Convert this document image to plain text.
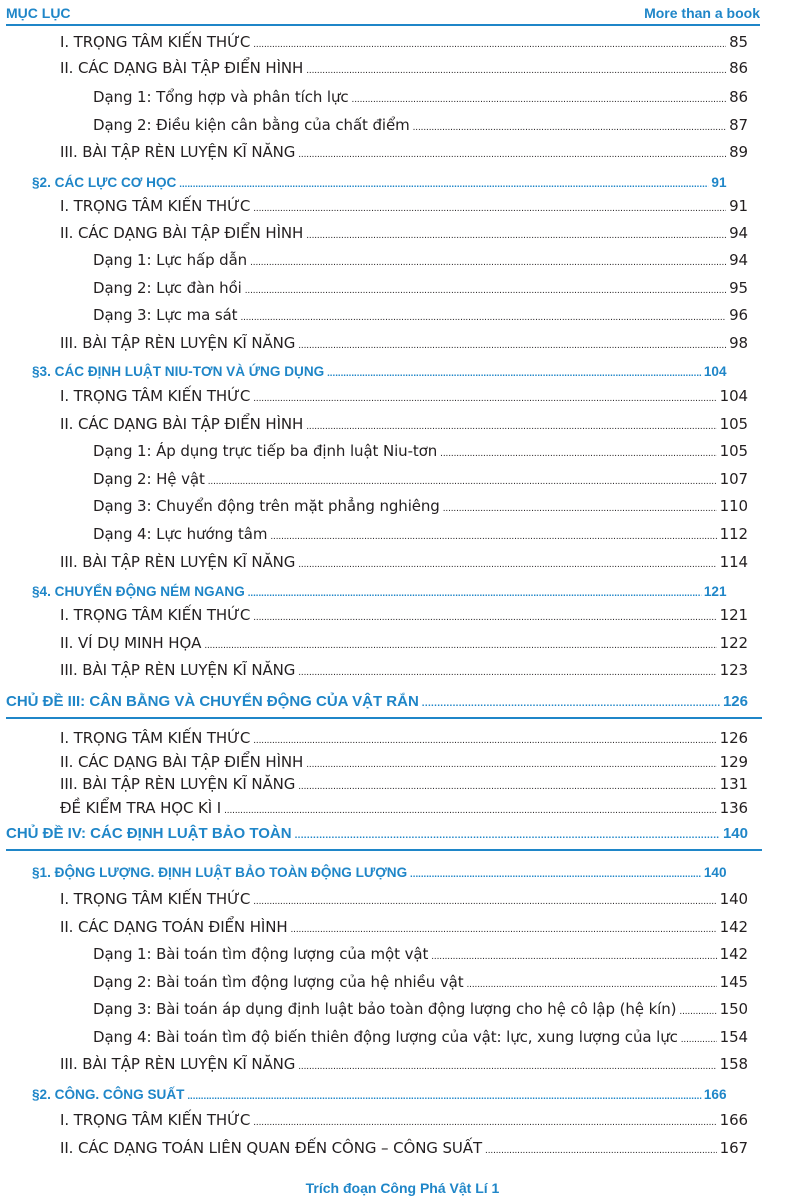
MỤC LỤC	More than a book
I. TRỌNG TÂM KIẾN THỨC .....	85
II. CÁC DẠNG BÀI TẬP ĐIỂN HÌNH .....	86
Dạng 1: Tổng hợp và phân tích lực .....	86
Dạng 2: Điều kiện cân bằng của chất điểm .....	87
III. BÀI TẬP RÈN LUYỆN KĨ NĂNG .....	89
§2. CÁC LỰC CƠ HỌC .....	91
I. TRỌNG TÂM KIẾN THỨC .....	91
II. CÁC DẠNG BÀI TẬP ĐIỂN HÌNH .....	94
Dạng 1: Lực hấp dẫn .....	94
Dạng 2: Lực đàn hồi .....	95
Dạng 3: Lực ma sát .....	96
III. BÀI TẬP RÈN LUYỆN KĨ NĂNG .....	98
§3. CÁC ĐỊNH LUẬT NIU-TƠN VÀ ỨNG DỤNG .....	104
I. TRỌNG TÂM KIẾN THỨC .....	104
II. CÁC DẠNG BÀI TẬP ĐIỂN HÌNH .....	105
Dạng 1: Áp dụng trực tiếp ba định luật Niu-tơn .....	105
Dạng 2: Hệ vật .....	107
Dạng 3: Chuyển động trên mặt phẳng nghiêng .....	110
Dạng 4: Lực hướng tâm .....	112
III. BÀI TẬP RÈN LUYỆN KĨ NĂNG .....	114
§4. CHUYỂN ĐỘNG NÉM NGANG .....	121
I. TRỌNG TÂM KIẾN THỨC .....	121
II. VÍ DỤ MINH HỌA .....	122
III. BÀI TẬP RÈN LUYỆN KĨ NĂNG .....	123
CHỦ ĐỀ III: CÂN BẰNG VÀ CHUYỂN ĐỘNG CỦA VẬT RẮN .....	126
I. TRỌNG TÂM KIẾN THỨC .....	126
II. CÁC DẠNG BÀI TẬP ĐIỂN HÌNH .....	129
III. BÀI TẬP RÈN LUYỆN KĨ NĂNG .....	131
ĐỀ KIỂM TRA HỌC KÌ I .....	136
CHỦ ĐỀ IV: CÁC ĐỊNH LUẬT BẢO TOÀN .....	140
§1. ĐỘNG LƯỢNG. ĐỊNH LUẬT BẢO TOÀN ĐỘNG LƯỢNG .....	140
I. TRỌNG TÂM KIẾN THỨC .....	140
II. CÁC DẠNG TOÁN ĐIỂN HÌNH .....	142
Dạng 1: Bài toán tìm động lượng của một vật .....	142
Dạng 2: Bài toán tìm động lượng của hệ nhiều vật .....	145
Dạng 3: Bài toán áp dụng định luật bảo toàn động lượng cho hệ cô lập (hệ kín) .....	150
Dạng 4: Bài toán tìm độ biến thiên động lượng của vật: lực, xung lượng của lực .....	154
III. BÀI TẬP RÈN LUYỆN KĨ NĂNG .....	158
§2. CÔNG. CÔNG SUẤT .....	166
I. TRỌNG TÂM KIẾN THỨC .....	166
II. CÁC DẠNG TOÁN LIÊN QUAN ĐẾN CÔNG – CÔNG SUẤT .....	167
Trích đoạn Công Phá Vật Lí 1
